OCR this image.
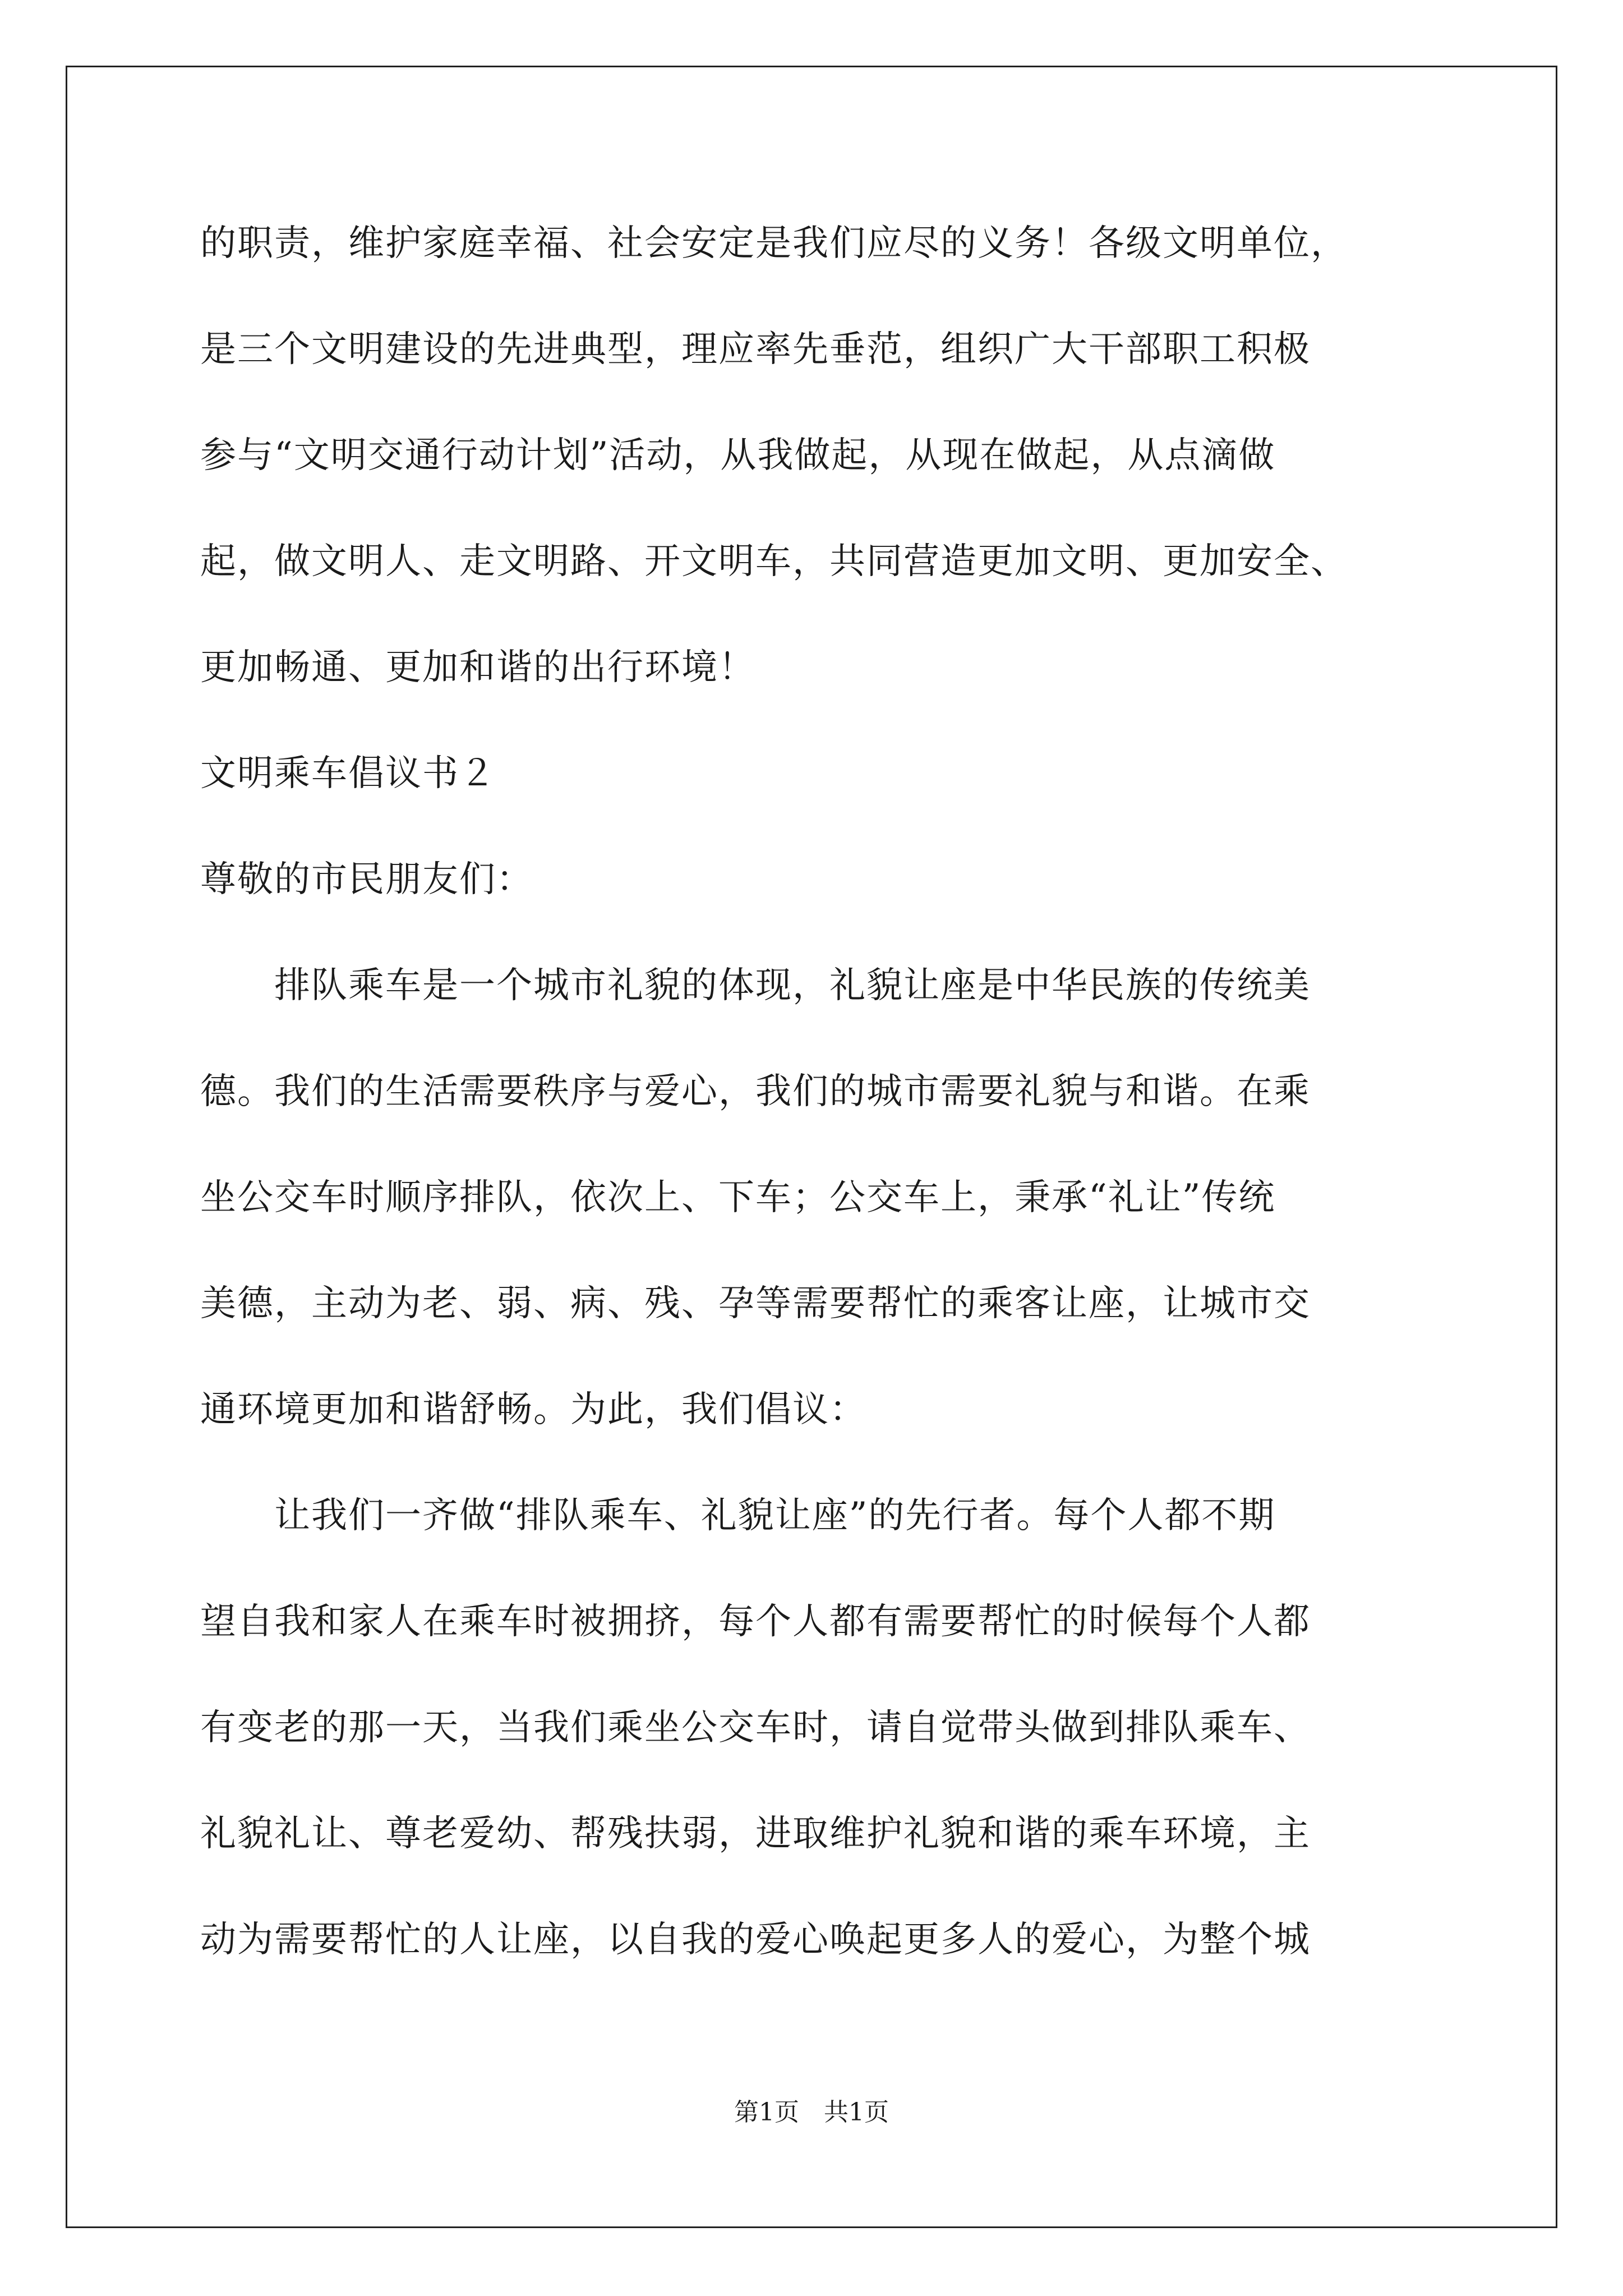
的职责，维护家庭幸福、社会安定是我们应尽的义务！各级文明单位，
是三个文明建设的先进典型，理应率先垂范，组织广大干部职工积极
参与“文明交通行动计划”活动，从我做起，从现在做起，从点滴做
起，做文明人、走文明路、开文明车，共同营造更加文明、更加安全、
更加畅通、更加和谐的出行环境！
文明乘车倡议书２
尊敬的市民朋友们：
　　排队乘车是一个城市礼貌的体现，礼貌让座是中华民族的传统美
德。我们的生活需要秩序与爱心，我们的城市需要礼貌与和谐。在乘
坐公交车时顺序排队，依次上、下车；公交车上，秉承“礼让”传统
美德，主动为老、弱、病、残、孕等需要帮忙的乘客让座，让城市交
通环境更加和谐舒畅。为此，我们倡议：
　　让我们一齐做“排队乘车、礼貌让座”的先行者。每个人都不期
望自我和家人在乘车时被拥挤，每个人都有需要帮忙的时候每个人都
有变老的那一天，当我们乘坐公交车时，请自觉带头做到排队乘车、
礼貌礼让、尊老爱幼、帮残扶弱，进取维护礼貌和谐的乘车环境，主
动为需要帮忙的人让座，以自我的爱心唤起更多人的爱心，为整个城
第1页　共1页
